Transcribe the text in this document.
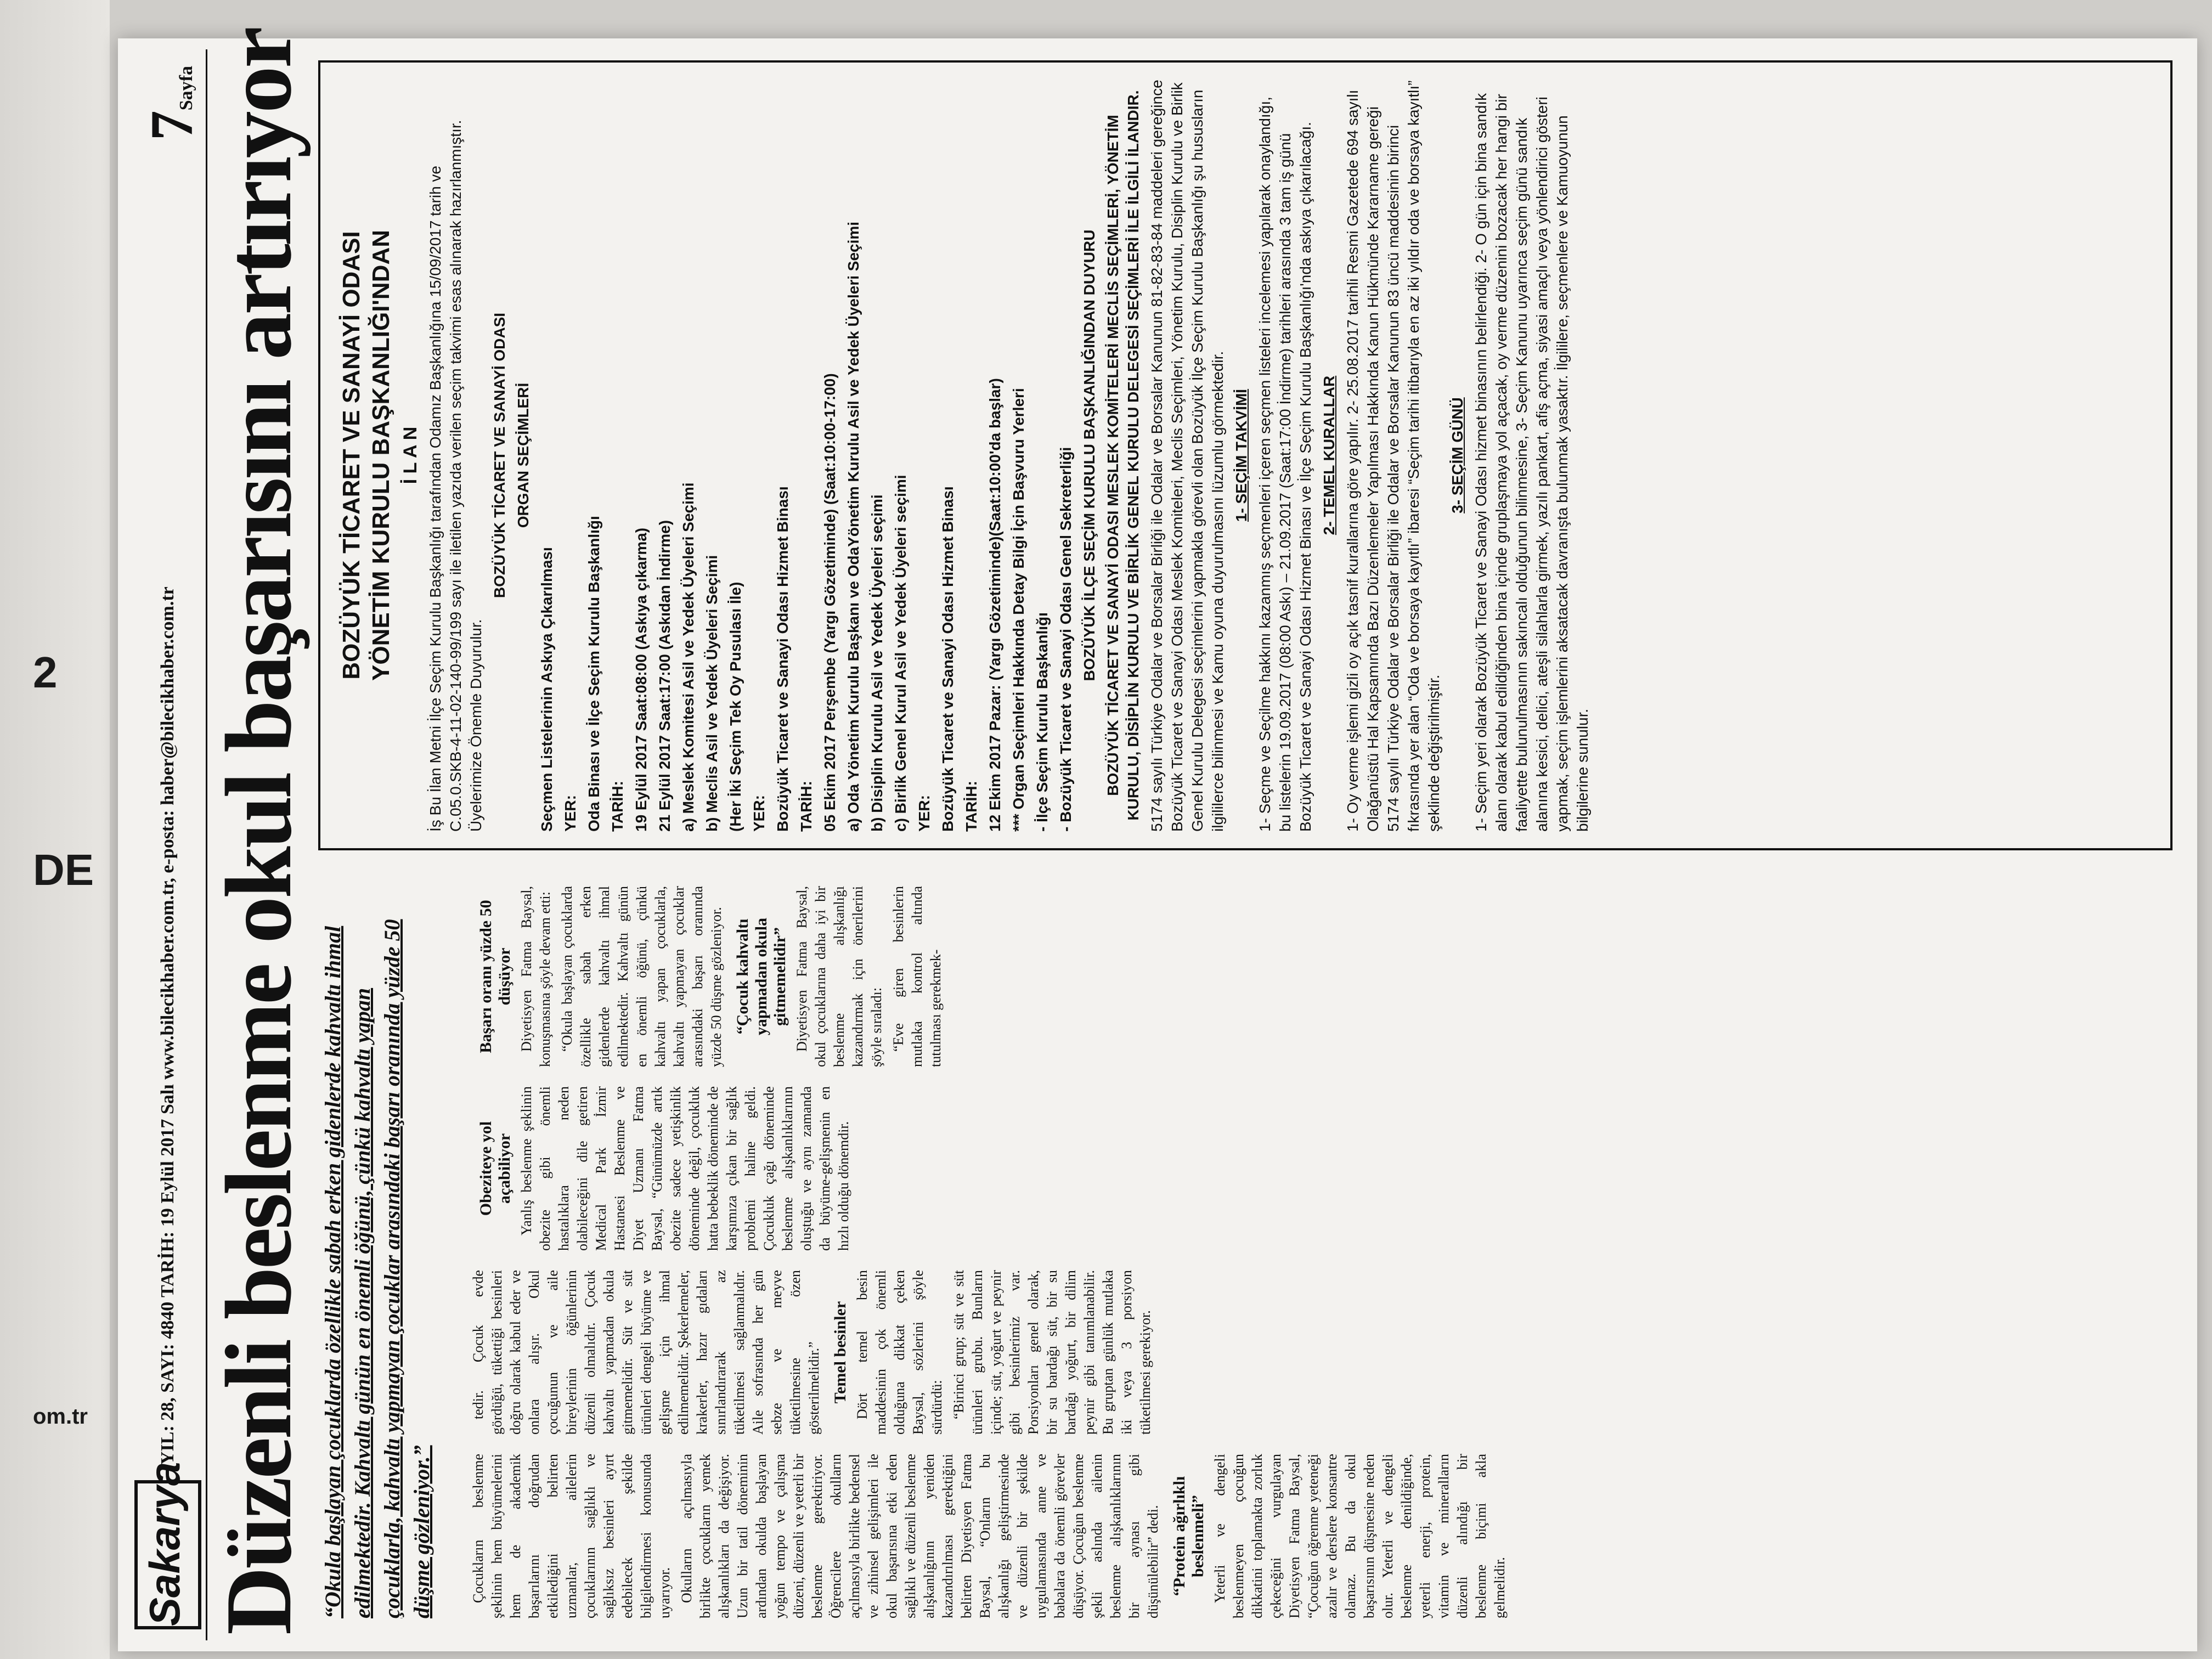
2
DE
om.tr
Sakarya
YIL: 28, SAYI: 4840 TARİH: 19 Eylül 2017 Salı www.bilecikhaber.com.tr, e-posta: haber@bilecikhaber.com.tr
7Sayfa Düzenli beslenme okul başarısını artırıyor “Okula başlayan çocuklarda özellikle sabah erken gidenlerde kahvaltı ihmal edilmektedir. Kahvaltı günün en önemli öğünü, çünkü kahvaltı yapan çocuklarla, kahvaltı yapmayan çocuklar arasındaki başarı oranında yüzde 50 düşme gözleniyor.”	Çocukların beslenme şeklinin hem büyümelerini hem de akademik başarılarını doğrudan etkilediğini belirten uzmanlar, ailelerin çocuklarının sağlıklı ve sağlıksız besinleri ayırt edebilecek şekilde bilgilendirmesi konusunda uyarıyor. Okulların açılmasıyla birlikte çocukların yemek alışkanlıkları da değişiyor. Uzun bir tatil döneminin ardından okulda başlayan yoğun tempo ve çalışma düzeni, düzenli ve yeterli bir beslenme gerektiriyor. Öğrencilere okulların açılmasıyla birlikte bedensel ve zihinsel gelişimleri ile okul başarısına etki eden sağlıklı ve düzenli beslenme alışkanlığının yeniden kazandırılması gerektiğini belirten Diyetisyen Fatma Baysal, “Onların bu alışkanlığı geliştirmesinde ve düzenli bir şekilde uygulamasında anne ve babalara da önemli görevler düşüyor. Çocuğun beslenme şekli aslında ailenin beslenme alışkanlıklarının bir aynası gibi düşünülebilir” dedi. “Protein ağırlıklı beslenmeli” Yeterli ve dengeli beslenmeyen çocuğun dikkatini toplamakta zorluk çekeceğini vurgulayan Diyetisyen Fatma Baysal, “Çocuğun öğrenme yeteneği azalır ve derslere konsantre olamaz. Bu da okul başarısının düşmesine neden olur. Yeterli ve dengeli beslenme denildiğinde, yeterli enerji, protein, vitamin ve mineralların düzenli alındığı bir beslenme biçimi akla gelmelidir.

tedir. Çocuk evde gördüğü, tükettiği besinleri doğru olarak kabul eder ve onlara alışır. Okul çocuğunun ve aile bireylerinin öğünlerinin düzenli olmalıdır. Çocuk kahvaltı yapmadan okula gitmemelidir. Süt ve süt ürünleri dengeli büyüme ve gelişme için ihmal edilmemelidir. Şekerlemeler, krakerler, hazır gıdaları sınırlandırarak az tüketilmesi sağlanmalıdır. Aile sofrasında her gün sebze ve meyve tüketilmesine özen gösterilmelidir.” Temel besinler Dört temel besin maddesinin çok önemli olduğuna dikkat çeken Baysal, sözlerini şöyle sürdürdü: “Birinci grup; süt ve süt ürünleri grubu. Bunların içinde; süt, yoğurt ve peynir gibi besinlerimiz var. Porsiyonları genel olarak, bir su bardağı süt, bir su bardağı yoğurt, bir dilim peynir gibi tanımlanabilir. Bu gruptan günlük mutlaka iki veya 3 porsiyon tüketilmesi gerekiyor.

Obeziteye yol açabiliyor Yanlış beslenme şeklinin obezite gibi önemli hastalıklara neden olabileceğini dile getiren Medical Park İzmir Hastanesi Beslenme ve Diyet Uzmanı Fatma Baysal, “Günümüzde artık obezite sadece yetişkinlik döneminde değil, çocukluk hatta bebeklik döneminde de karşımıza çıkan bir sağlık problemi haline geldi. Çocukluk çağı döneminde beslenme alışkanlıklarının oluştuğu ve aynı zamanda da büyüme-gelişmenin en hızlı olduğu dönemdir.

Başarı oranı yüzde 50 düşüyor Diyetisyen Fatma Baysal, konuşmasına şöyle devam etti: “Okula başlayan çocuklarda özellikle sabah erken gidenlerde kahvaltı ihmal edilmektedir. Kahvaltı günün en önemli öğünü, çünkü kahvaltı yapan çocuklarla, kahvaltı yapmayan çocuklar arasındaki başarı oranında yüzde 50 düşme gözleniyor. “Çocuk kahvaltı yapmadan okula gitmemelidir” Diyetisyen Fatma Baysal, okul çocuklarına daha iyi bir beslenme alışkanlığı kazandırmak için önerilerini şöyle sıraladı: “Eve giren besinlerin mutlaka kontrol altında tutulması gerekmek-

BOZÜYÜK TİCARET VE SANAYİ ODASI YÖNETİM KURULU BAŞKANLIĞI'NDAN İ L A N İş Bu İlan Metni İlçe Seçim Kurulu Başkanlığı tarafından Odamız Başkanlığına 15/09/2017 tarih ve C.05.0.SKB-4-11-02-140-99/199 sayı ile iletilen yazıda verilen seçim takvimi esas alınarak hazırlanmıştır. Üyelerimize Önemle Duyurulur.

BOZÜYÜK TİCARET VE SANAYİ ODASI ORGAN SEÇİMLERİ

Seçmen Listelerinin Askıya Çıkarılması YER: Oda Binası ve İlçe Seçim Kurulu Başkanlığı TARİH: 19 Eylül 2017 Saat:08:00 (Askıya çıkarma) 21 Eylül 2017 Saat:17:00 (Askıdan İndirme) a) Meslek Komitesi Asil ve Yedek Üyeleri Seçimi b) Meclis Asil ve Yedek Üyeleri Seçimi (Her İki Seçim Tek Oy Pusulası İle) YER: Bozüyük Ticaret ve Sanayi Odası Hizmet Binası TARİH: 05 Ekim 2017 Perşembe (Yargı Gözetiminde) (Saat:10:00-17:00) a) Oda Yönetim Kurulu Başkanı ve OdaYönetim Kurulu Asil ve Yedek Üyeleri Seçimi b) Disiplin Kurulu Asil ve Yedek Üyeleri seçimi c) Birlik Genel Kurul Asil ve Yedek Üyeleri seçimi YER: Bozüyük Ticaret ve Sanayi Odası Hizmet Binası TARİH: 12 Ekim 2017 Pazar: (Yargı Gözetiminde)(Saat:10:00'da başlar) *** Organ Seçimleri Hakkında Detay Bilgi İçin Başvuru Yerleri - İlçe Seçim Kurulu Başkanlığı - Bozüyük Ticaret ve Sanayi Odası Genel Sekreterliği BOZÜYÜK İLÇE SEÇİM KURULU BAŞKANLIĞINDAN DUYURU BOZÜYÜK TİCARET VE SANAYİ ODASI MESLEK KOMİTELERİ MECLİS SEÇİMLERİ, YÖNETİM KURULU, DİSİPLİN KURULU VE BİRLİK GENEL KURULU DELEGESİ SEÇİMLERİ İLE İLGİLİ İLANDIR. 5174 sayılı Türkiye Odalar ve Borsalar Birliği ile Odalar ve Borsalar Kanunun 81-82-83-84 maddeleri gereğince Bozüyük Ticaret ve Sanayi Odası Meslek Komiteleri, Meclis Seçimleri, Yönetim Kurulu, Disiplin Kurulu ve Birlik Genel Kurulu Delegesi seçimlerini yapmakla görevli olan Bozüyük İlçe Seçim Kurulu Başkanlığı şu hususların ilgililerce bilinmesi ve Kamu oyuna duyurulmasını lüzumlu görmektedir. 1- SEÇİM TAKVİMİ 1- Seçme ve Seçilme hakkını kazanmış seçmenleri içeren seçmen listeleri incelemesi yapılarak onaylandığı, bu listelerin 19.09.2017 (08:00 Askı) – 21.09.2017 (Saat:17:00 İndirme) tarihleri arasında 3 tam iş günü Bozüyük Ticaret ve Sanayi Odası Hizmet Binası ve İlçe Seçim Kurulu Başkanlığı'nda askıya çıkarılacağı. 2- TEMEL KURALLAR 1- Oy verme işlemi gizli oy açık tasnif kurallarına göre yapılır. 2- 25.08.2017 tarihli Resmi Gazetede 694 sayılı Olağanüstü Hal Kapsamında Bazı Düzenlemeler Yapılması Hakkında Kanun Hükmünde Kararname gereği 5174 sayılı Türkiye Odalar ve Borsalar Birliği ile Odalar ve Borsalar Kanunun 83 üncü maddesinin birinci fıkrasında yer alan “Oda ve borsaya kayıtlı” ibaresi “Seçim tarihi itibarıyla en az iki yıldır oda ve borsaya kayıtlı” şeklinde değiştirilmiştir.

3- SEÇİM GÜNÜ 1- Seçim yeri olarak Bozüyük Ticaret ve Sanayi Odası hizmet binasının belirlendiği. 2- O gün için bina sandık alanı olarak kabul edildiğinden bina içinde gruplaşmaya yol açacak, oy verme düzenini bozacak her hangi bir faaliyette bulunulmasının sakıncalı olduğunun bilinmesine, 3- Seçim Kanunu uyarınca seçim günü sandık alanına kesici, delici, ateşli silahlarla girmek, yazılı pankart, afiş açma, siyasi amaçlı veya yönlendirici gösteri yapmak, seçim işlemlerini aksatacak davranışta bulunmak yasaktır. İlgililere, seçmenlere ve Kamuoyunun bilgilerine sunulur.
